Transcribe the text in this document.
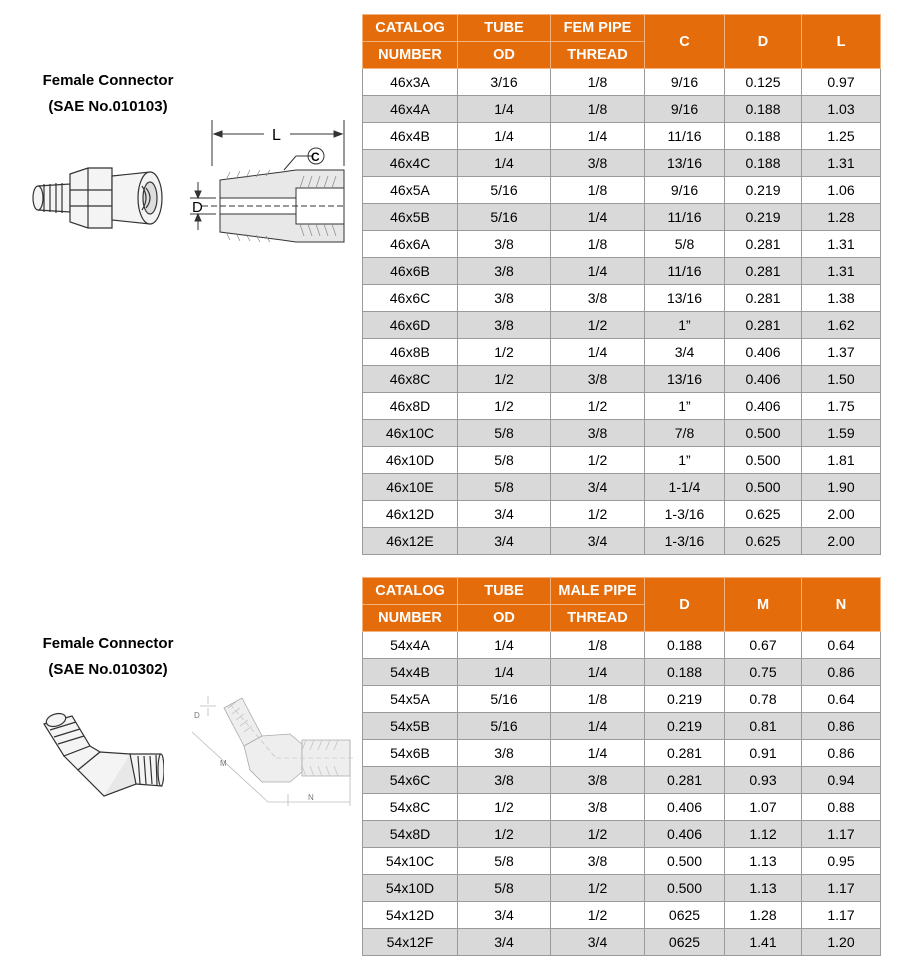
Female Connector
(SAE No.010103)
L
C
D
CATALOG	TUBE	FEM PIPE	C	D	L
NUMBER	OD	THREAD			
46x3A	3/16	1/8	9/16	0.125	0.97
46x4A	1/4	1/8	9/16	0.188	1.03
46x4B	1/4	1/4	11/16	0.188	1.25
46x4C	1/4	3/8	13/16	0.188	1.31
46x5A	5/16	1/8	9/16	0.219	1.06
46x5B	5/16	1/4	11/16	0.219	1.28
46x6A	3/8	1/8	5/8	0.281	1.31
46x6B	3/8	1/4	11/16	0.281	1.31
46x6C	3/8	3/8	13/16	0.281	1.38
46x6D	3/8	1/2	1”	0.281	1.62
46x8B	1/2	1/4	3/4	0.406	1.37
46x8C	1/2	3/8	13/16	0.406	1.50
46x8D	1/2	1/2	1”	0.406	1.75
46x10C	5/8	3/8	7/8	0.500	1.59
46x10D	5/8	1/2	1”	0.500	1.81
46x10E	5/8	3/4	1-1/4	0.500	1.90
46x12D	3/4	1/2	1-3/16	0.625	2.00
46x12E	3/4	3/4	1-3/16	0.625	2.00
Female Connector
(SAE No.010302)
D
M
N
CATALOG	TUBE	MALE PIPE	D	M	N
NUMBER	OD	THREAD			
54x4A	1/4	1/8	0.188	0.67	0.64
54x4B	1/4	1/4	0.188	0.75	0.86
54x5A	5/16	1/8	0.219	0.78	0.64
54x5B	5/16	1/4	0.219	0.81	0.86
54x6B	3/8	1/4	0.281	0.91	0.86
54x6C	3/8	3/8	0.281	0.93	0.94
54x8C	1/2	3/8	0.406	1.07	0.88
54x8D	1/2	1/2	0.406	1.12	1.17
54x10C	5/8	3/8	0.500	1.13	0.95
54x10D	5/8	1/2	0.500	1.13	1.17
54x12D	3/4	1/2	0625	1.28	1.17
54x12F	3/4	3/4	0625	1.41	1.20
